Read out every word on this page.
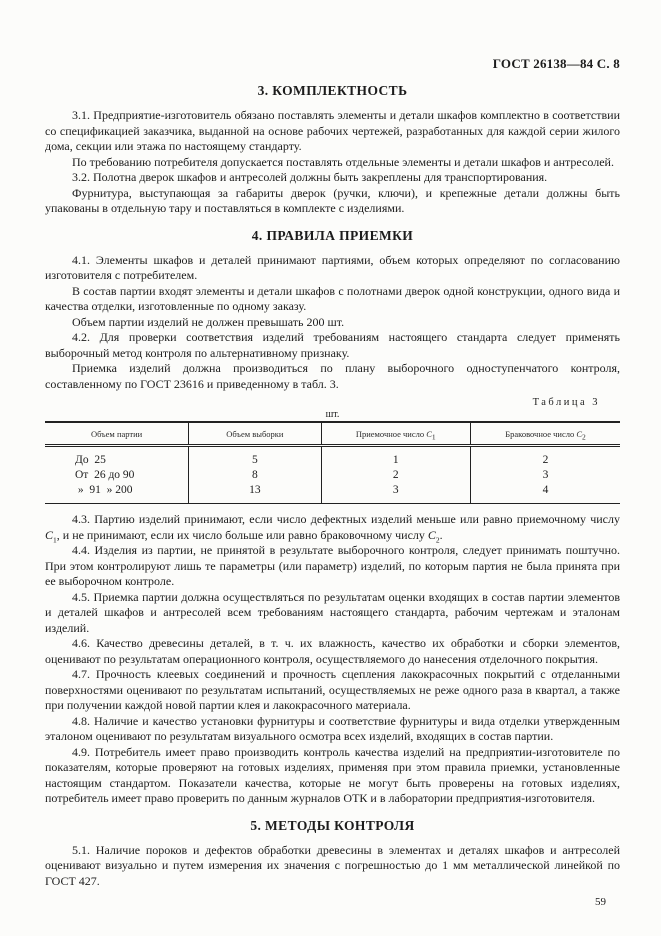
ГОСТ 26138—84 С. 8
3. КОМПЛЕКТНОСТЬ

3.1. Предприятие-изготовитель обязано поставлять элементы и детали шкафов комплектно в соответствии со спецификацией заказчика, выданной на основе рабочих чертежей, разработанных для каждой серии жилого дома, секции или этажа по настоящему стандарту.

По требованию потребителя допускается поставлять отдельные элементы и детали шкафов и антресолей.

3.2. Полотна дверок шкафов и антресолей должны быть закреплены для транспортирования.

Фурнитура, выступающая за габариты дверок (ручки, ключи), и крепежные детали должны быть упакованы в отдельную тару и поставляться в комплекте с изделиями.

4. ПРАВИЛА ПРИЕМКИ

4.1. Элементы шкафов и деталей принимают партиями, объем которых определяют по согласованию изготовителя с потребителем.

В состав партии входят элементы и детали шкафов с полотнами дверок одной конструкции, одного вида и качества отделки, изготовленные по одному заказу.

Объем партии изделий не должен превышать 200 шт.

4.2. Для проверки соответствия изделий требованиям настоящего стандарта следует применять выборочный метод контроля по альтернативному признаку.

Приемка изделий должна производиться по плану выборочного одноступенчатого контроля, составленному по ГОСТ 23616 и приведенному в табл. 3.

Таблица 3
шт.
Объем партии	Объем выборки	Приемочное число $C_1$	Браковочное число $C_2$
До  25	5	1	2
От  26 до 90	8	2	3
»  91  » 200	13	3	4

4.3. Партию изделий принимают, если число дефектных изделий меньше или равно приемочному числу $C_1$, и не принимают, если их число больше или равно браковочному числу $C_2$.

4.4. Изделия из партии, не принятой в результате выборочного контроля, следует принимать поштучно. При этом контролируют лишь те параметры (или параметр) изделий, по которым партия не была принята при ее выборочном контроле.

4.5. Приемка партии должна осуществляться по результатам оценки входящих в состав партии элементов и деталей шкафов и антресолей всем требованиям настоящего стандарта, рабочим чертежам и эталонам изделий.

4.6. Качество древесины деталей, в т. ч. их влажность, качество их обработки и сборки элементов, оценивают по результатам операционного контроля, осуществляемого до нанесения отделочного покрытия.

4.7. Прочность клеевых соединений и прочность сцепления лакокрасочных покрытий с отделанными поверхностями оценивают по результатам испытаний, осуществляемых не реже одного раза в квартал, а также при получении каждой новой партии клея и лакокрасочного материала.

4.8. Наличие и качество установки фурнитуры и соответствие фурнитуры и вида отделки утвержденным эталоном оценивают по результатам визуального осмотра всех изделий, входящих в состав партии.

4.9. Потребитель имеет право производить контроль качества изделий на предприятии-изготовителе по показателям, которые проверяют на готовых изделиях, применяя при этом правила приемки, установленные настоящим стандартом. Показатели качества, которые не могут быть проверены на готовых изделиях, потребитель имеет право проверить по данным журналов ОТК и в лаборатории предприятия-изготовителя.

5. МЕТОДЫ КОНТРОЛЯ

5.1. Наличие пороков и дефектов обработки древесины в элементах и деталях шкафов и антресолей оценивают визуально и путем измерения их значения с погрешностью до 1 мм металлической линейкой по ГОСТ 427.

59
